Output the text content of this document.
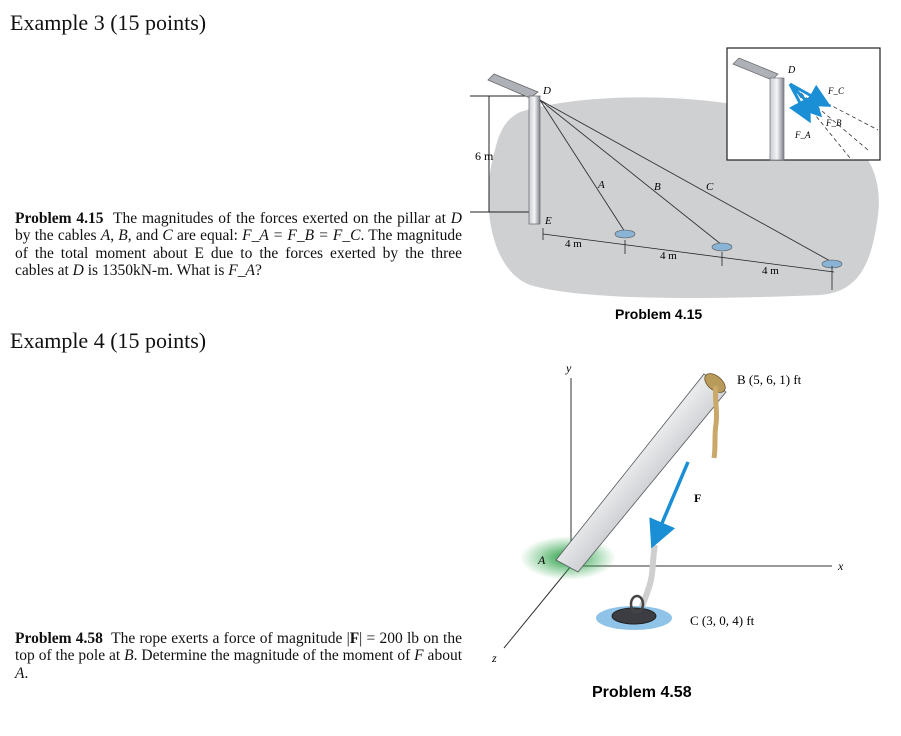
Example 3 (15 points)
Problem 4.15 The magnitudes of the forces exerted on the pillar at D by the cables A, B, and C are equal: F_A = F_B = F_C. The magnitude of the total moment about E due to the forces exerted by the three cables at D is 1350kN-m. What is F_A?
Example 4 (15 points)
Problem 4.58 The rope exerts a force of magnitude |F| = 200 lb on the top of the pole at B. Determine the magnitude of the moment of F about A.
6 m
D
E
A	B	C
4 m
4 m
4 m
D
F_C
F_B
F_A
Problem 4.15
y
x
z
A
F
B (5, 6, 1) ft
C (3, 0, 4) ft
Problem 4.58
